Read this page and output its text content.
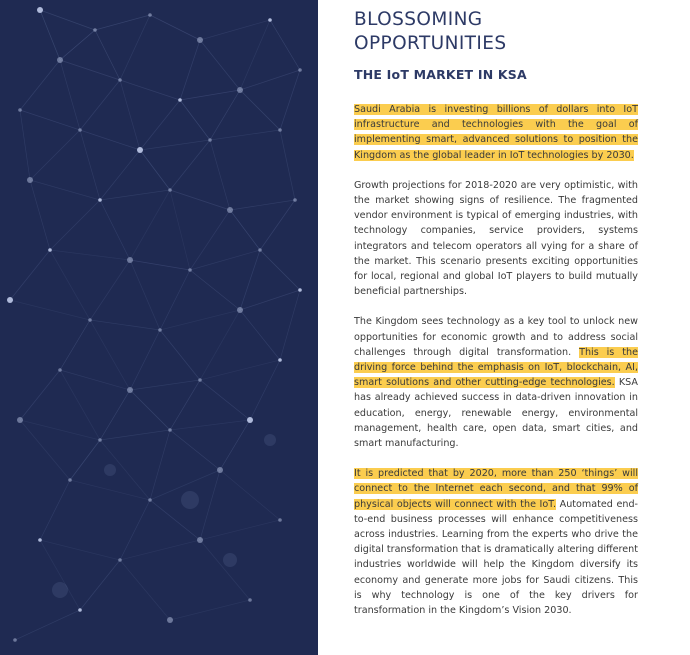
BLOSSOMING
OPPORTUNITIES
THE IoT MARKET IN KSA

Saudi Arabia is investing billions of dollars into IoT infrastructure and technologies with the goal of implementing smart, advanced solutions to position the Kingdom as the global leader in IoT technologies by 2030.

Growth projections for 2018-2020 are very optimistic, with the market showing signs of resilience. The fragmented vendor environment is typical of emerging industries, with technology companies, service providers, systems integrators and telecom operators all vying for a share of the market. This scenario presents exciting opportunities for local, regional and global IoT players to build mutually beneficial partnerships.

The Kingdom sees technology as a key tool to unlock new opportunities for economic growth and to address social challenges through digital transformation. This is the driving force behind the emphasis on IoT, blockchain, AI, smart solutions and other cutting-edge technologies. KSA has already achieved success in data-driven innovation in education, energy, renewable energy, environmental management, health care, open data, smart cities, and smart manufacturing.

It is predicted that by 2020, more than 250 ‘things’ will connect to the Internet each second, and that 99% of physical objects will connect with the IoT. Automated end-to-end business processes will enhance competitiveness across industries. Learning from the experts who drive the digital transformation that is dramatically altering different industries worldwide will help the Kingdom diversify its economy and generate more jobs for Saudi citizens. This is why technology is one of the key drivers for transformation in the Kingdom’s Vision 2030.
